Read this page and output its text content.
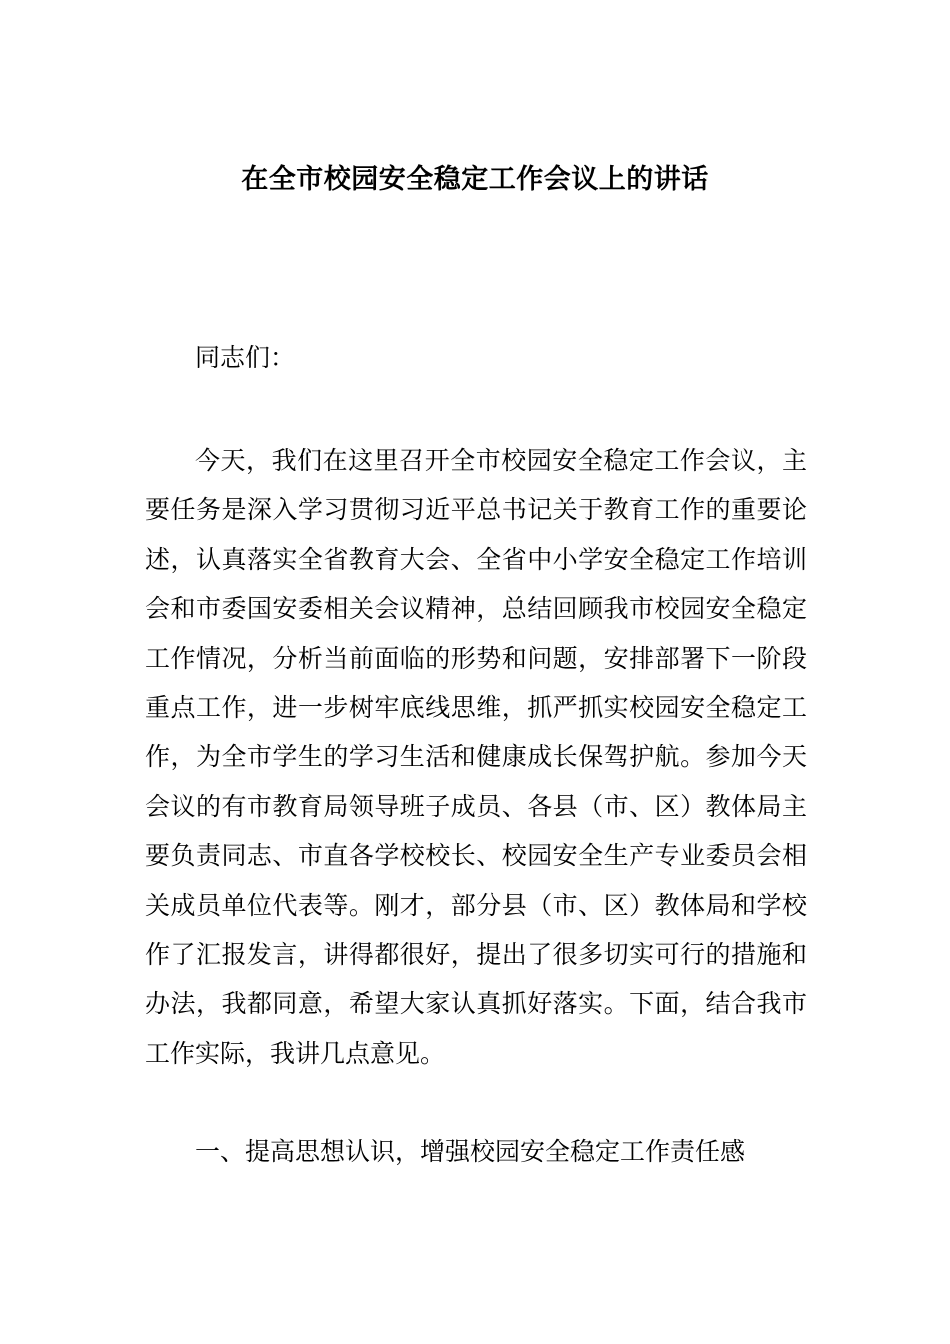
在全市校园安全稳定工作会议上的讲话
同志们：

今天，我们在这里召开全市校园安全稳定工作会议，主要任务是深入学习贯彻习近平总书记关于教育工作的重要论述，认真落实全省教育大会、全省中小学安全稳定工作培训会和市委国安委相关会议精神，总结回顾我市校园安全稳定工作情况，分析当前面临的形势和问题，安排部署下一阶段重点工作，进一步树牢底线思维，抓严抓实校园安全稳定工作，为全市学生的学习生活和健康成长保驾护航。参加今天会议的有市教育局领导班子成员、各县（市、区）教体局主要负责同志、市直各学校校长、校园安全生产专业委员会相关成员单位代表等。刚才，部分县（市、区）教体局和学校作了汇报发言，讲得都很好，提出了很多切实可行的措施和办法，我都同意，希望大家认真抓好落实。下面，结合我市工作实际，我讲几点意见。

一、提高思想认识，增强校园安全稳定工作责任感
